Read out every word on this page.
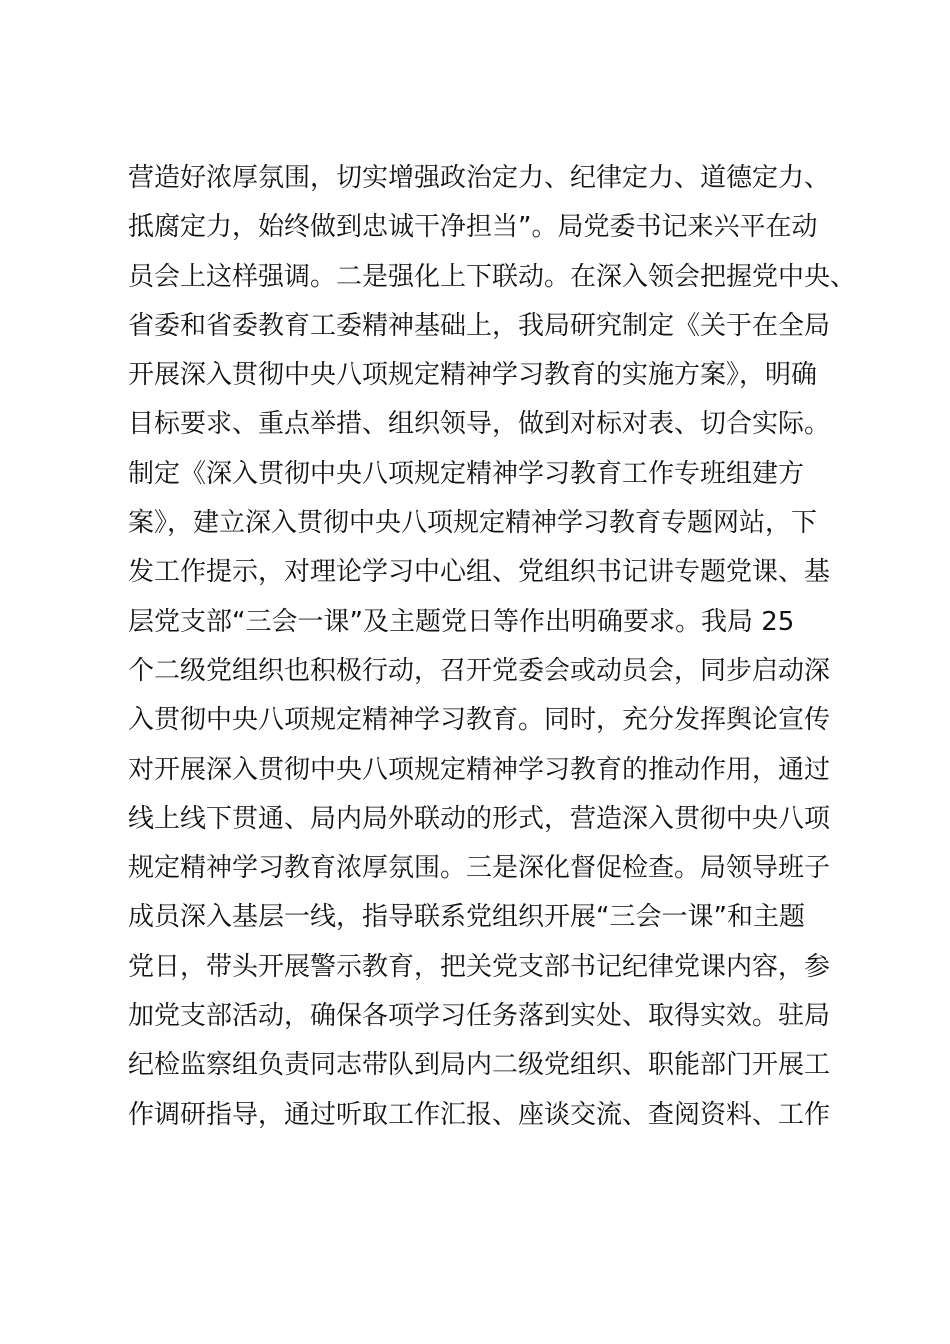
营造好浓厚氛围，切实增强政治定力、纪律定力、道德定力、
抵腐定力，始终做到忠诚干净担当”。局党委书记来兴平在动
员会上这样强调。二是强化上下联动。在深入领会把握党中央、
省委和省委教育工委精神基础上，我局研究制定《关于在全局
开展深入贯彻中央八项规定精神学习教育的实施方案》，明确
目标要求、重点举措、组织领导，做到对标对表、切合实际。
制定《深入贯彻中央八项规定精神学习教育工作专班组建方
案》，建立深入贯彻中央八项规定精神学习教育专题网站，下
发工作提示，对理论学习中心组、党组织书记讲专题党课、基
层党支部“三会一课”及主题党日等作出明确要求。我局 25
个二级党组织也积极行动，召开党委会或动员会，同步启动深
入贯彻中央八项规定精神学习教育。同时，充分发挥舆论宣传
对开展深入贯彻中央八项规定精神学习教育的推动作用，通过
线上线下贯通、局内局外联动的形式，营造深入贯彻中央八项
规定精神学习教育浓厚氛围。三是深化督促检查。局领导班子
成员深入基层一线，指导联系党组织开展“三会一课”和主题
党日，带头开展警示教育，把关党支部书记纪律党课内容，参
加党支部活动，确保各项学习任务落到实处、取得实效。驻局
纪检监察组负责同志带队到局内二级党组织、职能部门开展工
作调研指导，通过听取工作汇报、座谈交流、查阅资料、工作
